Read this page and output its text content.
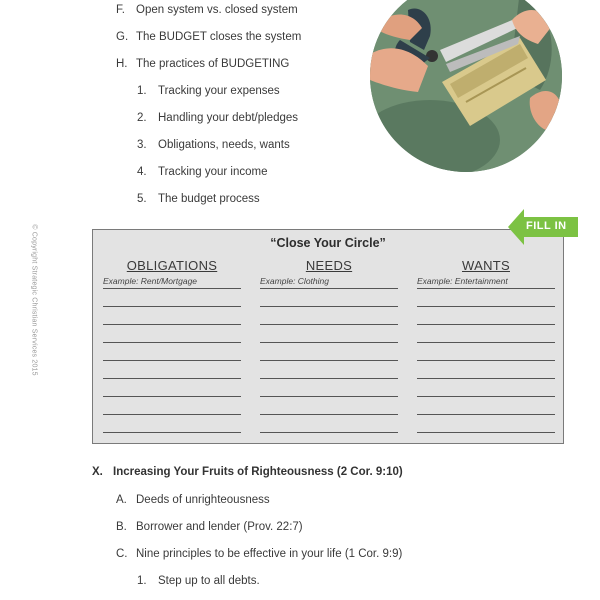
© Copyright Strategic Christian Services 2015
F. Open system vs. closed system
G. The BUDGET closes the system
H. The practices of BUDGETING
1. Tracking your expenses
2. Handling your debt/pledges
3. Obligations, needs, wants
4. Tracking your income
5. The budget process
X. Increasing Your Fruits of Righteousness (2 Cor. 9:10)
A. Deeds of unrighteousness
B. Borrower and lender (Prov. 22:7)
C. Nine principles to be effective in your life (1 Cor. 9:9)
1. Step up to all debts.
“Close Your Circle”
OBLIGATIONS
Example: Rent/Mortgage
NEEDS
Example: Clothing
WANTS
Example: Entertainment
FILL IN
